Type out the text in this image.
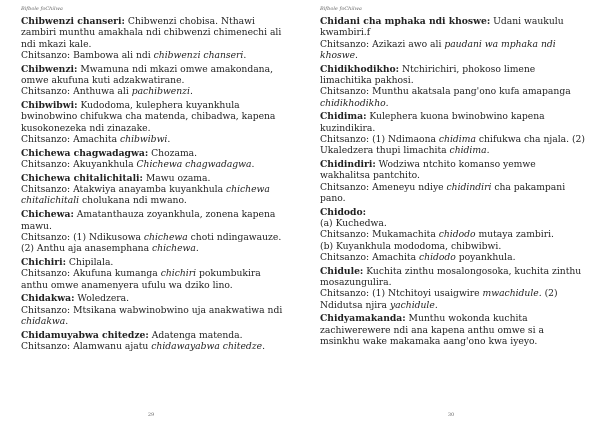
Bifbole foChilwa

Chibwenzi chanseri: Chibwenzi chobisa. Nthawi zambiri munthu amakhala ndi chibwenzi chimenechi ali ndi mkazi kale.

Chitsanzo: Bambowa ali ndi chibwenzi chanseri.

Chibwenzi: Mwamuna ndi mkazi omwe amakondana, omwe akufuna kuti adzakwatirane.

Chitsanzo: Anthuwa ali pachibwenzi.

Chibwibwi: Kudodoma, kulephera kuyankhula bwinobwino chifukwa cha matenda, chibadwa, kapena kusokonezeka ndi zinazake.

Chitsanzo: Amachita chibwibwi.

Chichewa chagwadagwa: Chozama.

Chitsanzo: Akuyankhula Chichewa chagwadagwa.

Chichewa chitalichitali: Mawu ozama.

Chitsanzo: Atakwiya anayamba kuyankhula chichewa chitalichitali cholukana ndi mwano.

Chichewa: Amatanthauza zoyankhula, zonena kapena mawu.

Chitsanzo: (1) Ndikusowa chichewa choti ndingawauze. (2) Anthu aja anasemphana chichewa.

Chichiri: Chipilala.

Chitsanzo: Akufuna kumanga chichiri pokumbukira anthu omwe anamenyera ufulu wa dziko lino.

Chidakwa: Woledzera.

Chitsanzo: Mtsikana wabwinobwino uja anakwatiwa ndi chidakwa.

Chidamuyabwa chitedze: Adatenga matenda.

Chitsanzo: Alamwanu ajatu chidawayabwa chitedze.

29
Bifbole foChilwa

Chidani cha mphaka ndi khoswe: Udani waukulu kwambiri.f

Chitsanzo: Azikazi awo ali paudani wa mphaka ndi khoswe.

Chidikhodikho: Ntchirichiri, phokoso limene limachitika pakhosi.

Chitsanzo: Munthu akatsala pang'ono kufa amapanga chidikhodikho.

Chidima: Kulephera kuona bwinobwino kapena kuzindikira.

Chitsanzo: (1) Ndimaona chidima chifukwa cha njala. (2) Ukaledzera thupi limachita chidima.

Chidindiri: Wodziwa ntchito komanso yemwe wakhalitsa pantchito.

Chitsanzo: Ameneyu ndiye chidindiri cha pakampani pano.

Chidodo:

(a) Kuchedwa.

Chitsanzo: Mukamachita chidodo mutaya zambiri.

(b) Kuyankhula mododoma, chibwibwi.

Chitsanzo: Amachita chidodo poyankhula.

Chidule: Kuchita zinthu mosalongosoka, kuchita zinthu mosazungulira.

Chitsanzo: (1) Ntchitoyi usaigwire mwachidule. (2) Ndidutsa njira yachidule.

Chidyamakanda: Munthu wokonda kuchita zachiwerewere ndi ana kapena anthu omwe si a msinkhu wake makamaka aang'ono kwa iyeyo.

30
